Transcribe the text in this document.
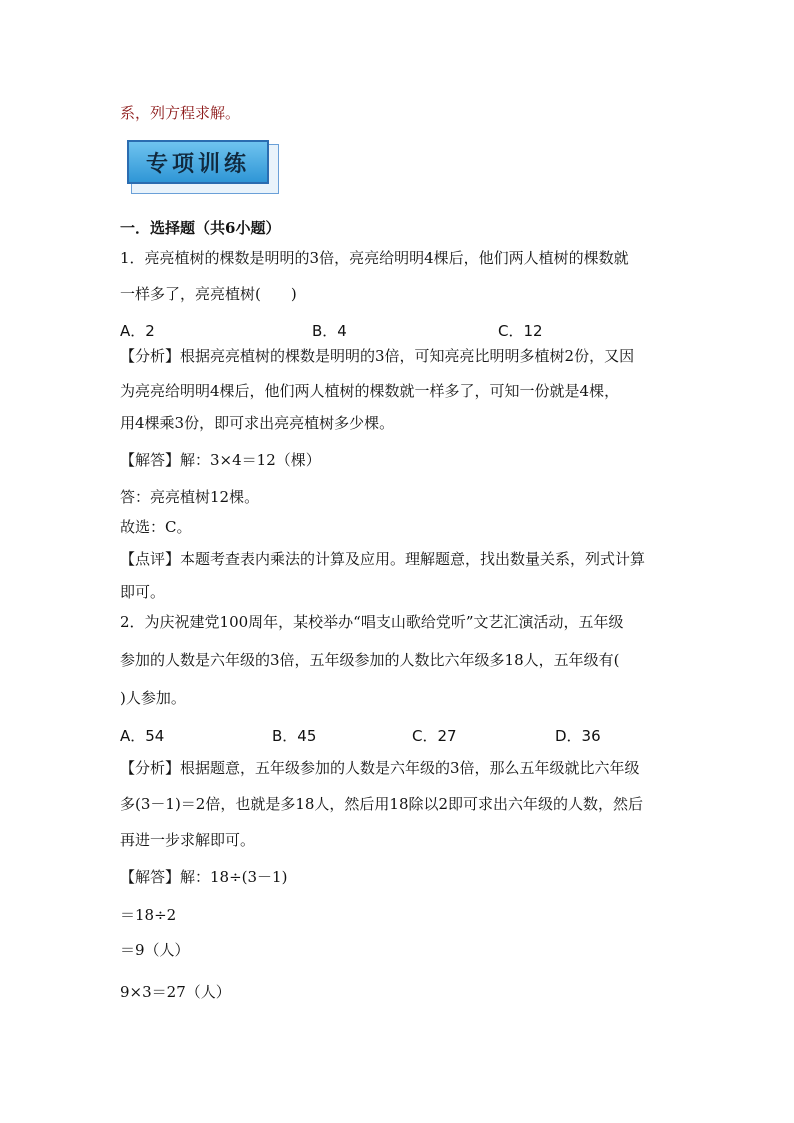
系，列方程求解。
专项训练
一．选择题（共6小题）
1．亮亮植树的棵数是明明的3倍，亮亮给明明4棵后，他们两人植树的棵数就
一样多了，亮亮植树(　　)
A．2	B．4	C．12
【分析】根据亮亮植树的棵数是明明的3倍，可知亮亮比明明多植树2份，又因
为亮亮给明明4棵后，他们两人植树的棵数就一样多了，可知一份就是4棵，
用4棵乘3份，即可求出亮亮植树多少棵。
【解答】解：3×4＝12（棵）
答：亮亮植树12棵。
故选：C。
【点评】本题考查表内乘法的计算及应用。理解题意，找出数量关系，列式计算
即可。
2．为庆祝建党100周年，某校举办“唱支山歌给党听”文艺汇演活动，五年级
参加的人数是六年级的3倍，五年级参加的人数比六年级多18人，五年级有(
)人参加。
A．54	B．45	C．27	D．36
【分析】根据题意，五年级参加的人数是六年级的3倍，那么五年级就比六年级
多(3－1)＝2倍，也就是多18人，然后用18除以2即可求出六年级的人数，然后
再进一步求解即可。
【解答】解：18÷(3－1)
＝18÷2
＝9（人）
9×3＝27（人）
